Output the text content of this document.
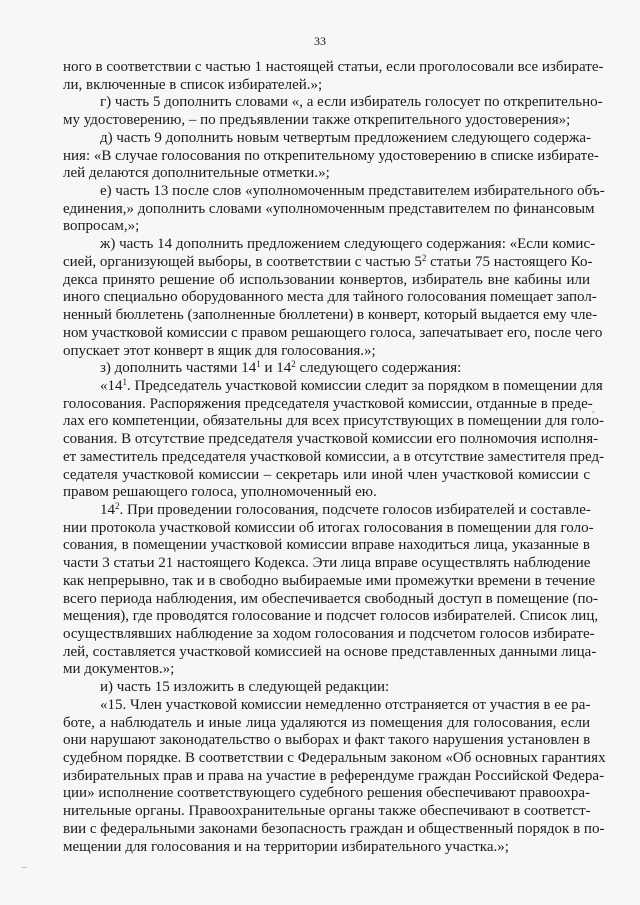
33
ного в соответствии с частью 1 настоящей статьи, если проголосовали все избирате-
ли, включенные в список избирателей.»;
г) часть 5 дополнить словами «, а если избиратель голосует по открепительно-
му удостоверению, – по предъявлении также открепительного удостоверения»;
д) часть 9 дополнить новым четвертым предложением следующего содержа-
ния: «В случае голосования по открепительному удостоверению в списке избирате-
лей делаются дополнительные отметки.»;
е) часть 13 после слов «уполномоченным представителем избирательного объ-
единения,» дополнить словами «уполномоченным представителем по финансовым
вопросам,»;
ж) часть 14 дополнить предложением следующего содержания: «Если комис-
сией, организующей выборы, в соответствии с частью $5^2$ статьи 75 настоящего Ко-
декса принято решение об использовании конвертов, избиратель вне кабины или
иного специально оборудованного места для тайного голосования помещает запол-
ненный бюллетень (заполненные бюллетени) в конверт, который выдается ему чле-
ном участковой комиссии с правом решающего голоса, запечатывает его, после чего
опускает этот конверт в ящик для голосования.»;
з) дополнить частями $14^1$ и $14^2$ следующего содержания:
«$14^1$. Председатель участковой комиссии следит за порядком в помещении для
голосования. Распоряжения председателя участковой комиссии, отданные в преде-
лах его компетенции, обязательны для всех присутствующих в помещении для голо-
сования. В отсутствие председателя участковой комиссии его полномочия исполня-
ет заместитель председателя участковой комиссии, а в отсутствие заместителя пред-
седателя участковой комиссии – секретарь или иной член участковой комиссии с
правом решающего голоса, уполномоченный ею.
$14^2$. При проведении голосования, подсчете голосов избирателей и составле-
нии протокола участковой комиссии об итогах голосования в помещении для голо-
сования, в помещении участковой комиссии вправе находиться лица, указанные в
части 3 статьи 21 настоящего Кодекса. Эти лица вправе осуществлять наблюдение
как непрерывно, так и в свободно выбираемые ими промежутки времени в течение
всего периода наблюдения, им обеспечивается свободный доступ в помещение (по-
мещения), где проводятся голосование и подсчет голосов избирателей. Список лиц,
осуществлявших наблюдение за ходом голосования и подсчетом голосов избирате-
лей, составляется участковой комиссией на основе представленных данными лица-
ми документов.»;
и) часть 15 изложить в следующей редакции:
«15. Член участковой комиссии немедленно отстраняется от участия в ее ра-
боте, а наблюдатель и иные лица удаляются из помещения для голосования, если
они нарушают законодательство о выборах и факт такого нарушения установлен в
судебном порядке. В соответствии с Федеральным законом «Об основных гарантиях
избирательных прав и права на участие в референдуме граждан Российской Федера-
ции» исполнение соответствующего судебного решения обеспечивают правоохра-
нительные органы. Правоохранительные органы также обеспечивают в соответст-
вии с федеральными законами безопасность граждан и общественный порядок в по-
мещении для голосования и на территории избирательного участка.»;
,
–
